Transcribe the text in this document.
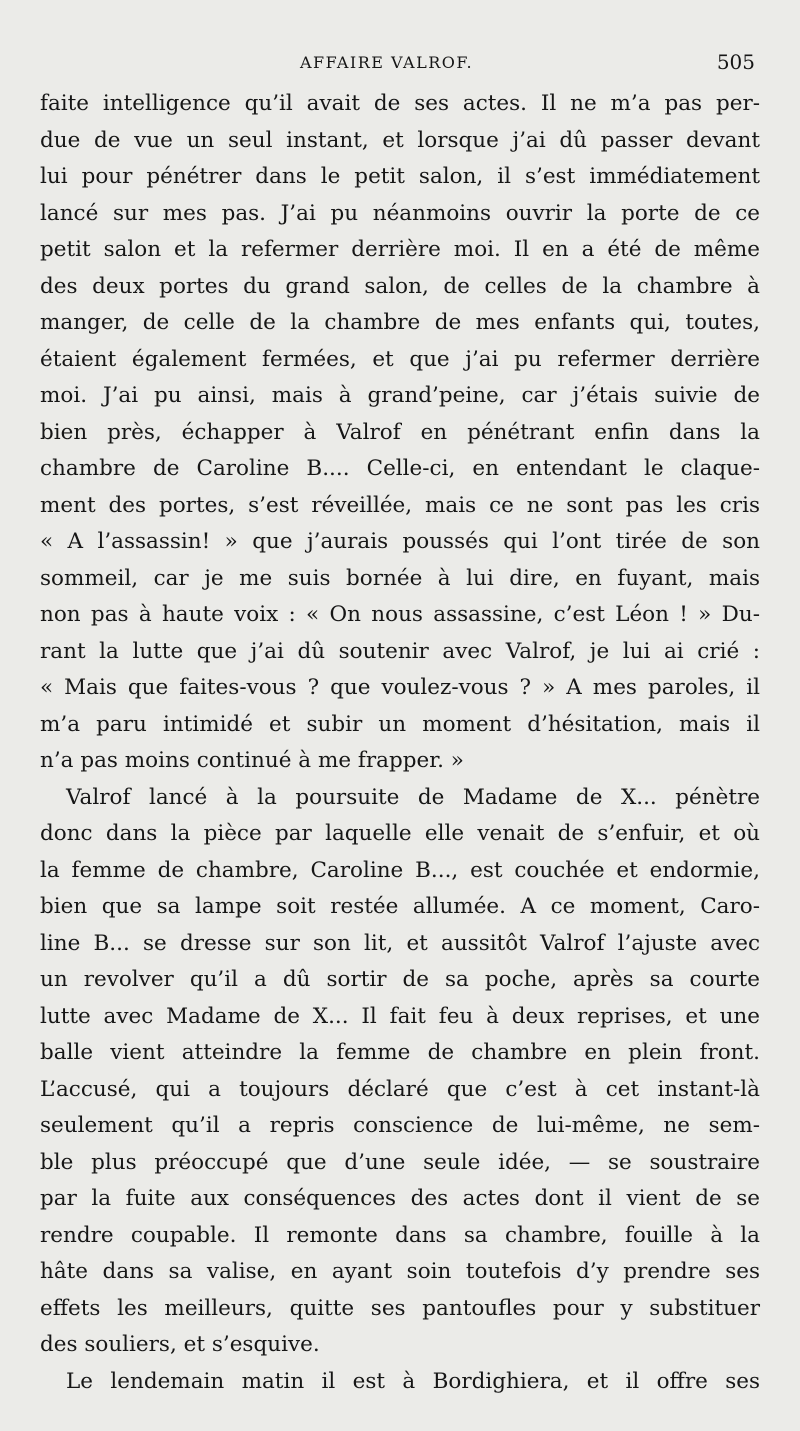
AFFAIRE VALROF.	505
faite intelligence qu’il avait de ses actes. Il ne m’a pas per-
due de vue un seul instant, et lorsque j’ai dû passer devant
lui pour pénétrer dans le petit salon, il s’est immédiatement
lancé sur mes pas. J’ai pu néanmoins ouvrir la porte de ce
petit salon et la refermer derrière moi. Il en a été de même
des deux portes du grand salon, de celles de la chambre à
manger, de celle de la chambre de mes enfants qui, toutes,
étaient également fermées, et que j’ai pu refermer derrière
moi. J’ai pu ainsi, mais à grand’peine, car j’étais suivie de
bien près, échapper à Valrof en pénétrant enfin dans la
chambre de Caroline B.... Celle-ci, en entendant le claque-
ment des portes, s’est réveillée, mais ce ne sont pas les cris
« A l’assassin! » que j’aurais poussés qui l’ont tirée de son
sommeil, car je me suis bornée à lui dire, en fuyant, mais
non pas à haute voix : « On nous assassine, c’est Léon ! » Du-
rant la lutte que j’ai dû soutenir avec Valrof, je lui ai crié :
« Mais que faites-vous ? que voulez-vous ? » A mes paroles, il
m’a paru intimidé et subir un moment d’hésitation, mais il
n’a pas moins continué à me frapper. »
Valrof lancé à la poursuite de Madame de X... pénètre
donc dans la pièce par laquelle elle venait de s’enfuir, et où
la femme de chambre, Caroline B..., est couchée et endormie,
bien que sa lampe soit restée allumée. A ce moment, Caro-
line B... se dresse sur son lit, et aussitôt Valrof l’ajuste avec
un revolver qu’il a dû sortir de sa poche, après sa courte
lutte avec Madame de X... Il fait feu à deux reprises, et une
balle vient atteindre la femme de chambre en plein front.
L’accusé, qui a toujours déclaré que c’est à cet instant-là
seulement qu’il a repris conscience de lui-même, ne sem-
ble plus préoccupé que d’une seule idée, — se soustraire
par la fuite aux conséquences des actes dont il vient de se
rendre coupable. Il remonte dans sa chambre, fouille à la
hâte dans sa valise, en ayant soin toutefois d’y prendre ses
effets les meilleurs, quitte ses pantoufles pour y substituer
des souliers, et s’esquive.
Le lendemain matin il est à Bordighiera, et il offre ses
